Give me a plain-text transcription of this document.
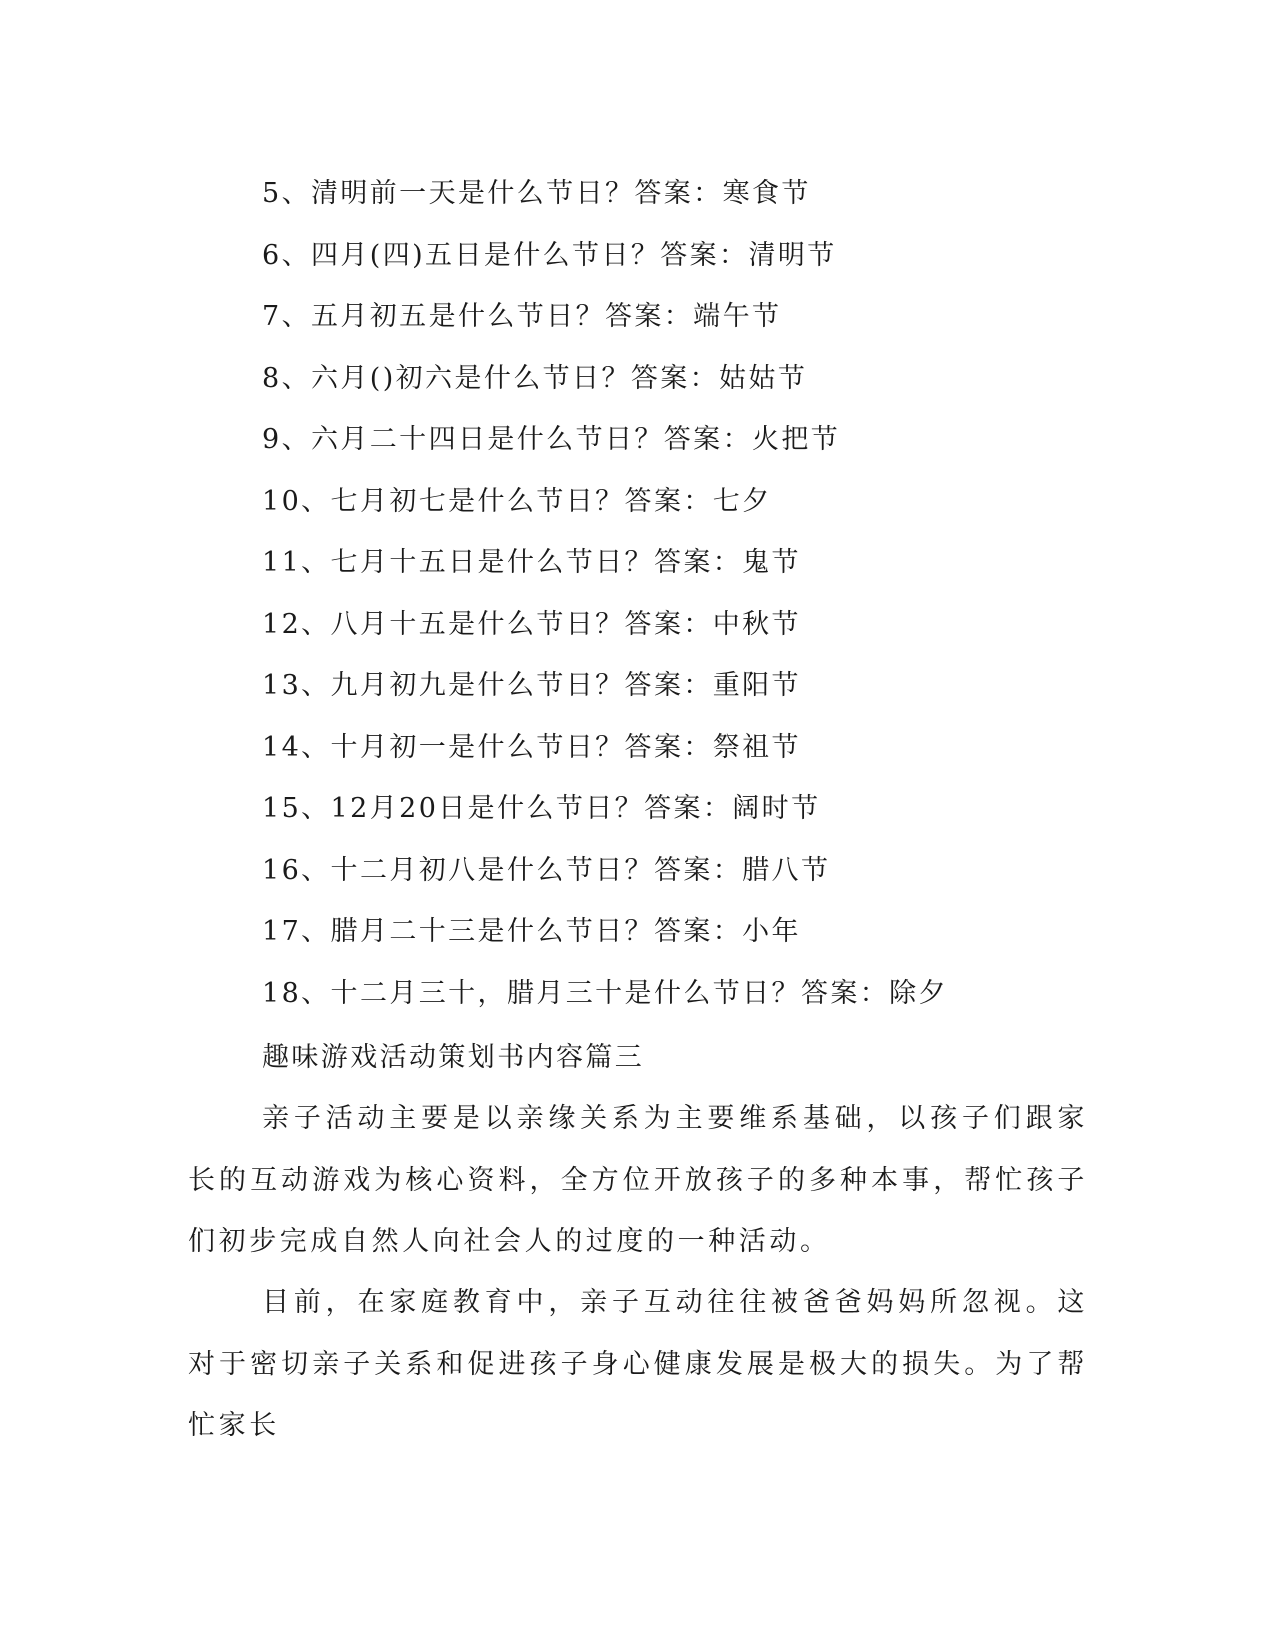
5、清明前一天是什么节日？答案：寒食节
6、四月(四)五日是什么节日？答案：清明节
7、五月初五是什么节日？答案：端午节
8、六月()初六是什么节日？答案：姑姑节
9、六月二十四日是什么节日？答案：火把节
10、七月初七是什么节日？答案：七夕
11、七月十五日是什么节日？答案：鬼节
12、八月十五是什么节日？答案：中秋节
13、九月初九是什么节日？答案：重阳节
14、十月初一是什么节日？答案：祭祖节
15、12月20日是什么节日？答案：阔时节
16、十二月初八是什么节日？答案：腊八节
17、腊月二十三是什么节日？答案：小年
18、十二月三十，腊月三十是什么节日？答案：除夕
趣味游戏活动策划书内容篇三

亲子活动主要是以亲缘关系为主要维系基础，以孩子们跟家长的互动游戏为核心资料，全方位开放孩子的多种本事，帮忙孩子们初步完成自然人向社会人的过度的一种活动。

目前，在家庭教育中，亲子互动往往被爸爸妈妈所忽视。这对于密切亲子关系和促进孩子身心健康发展是极大的损失。为了帮忙家长
